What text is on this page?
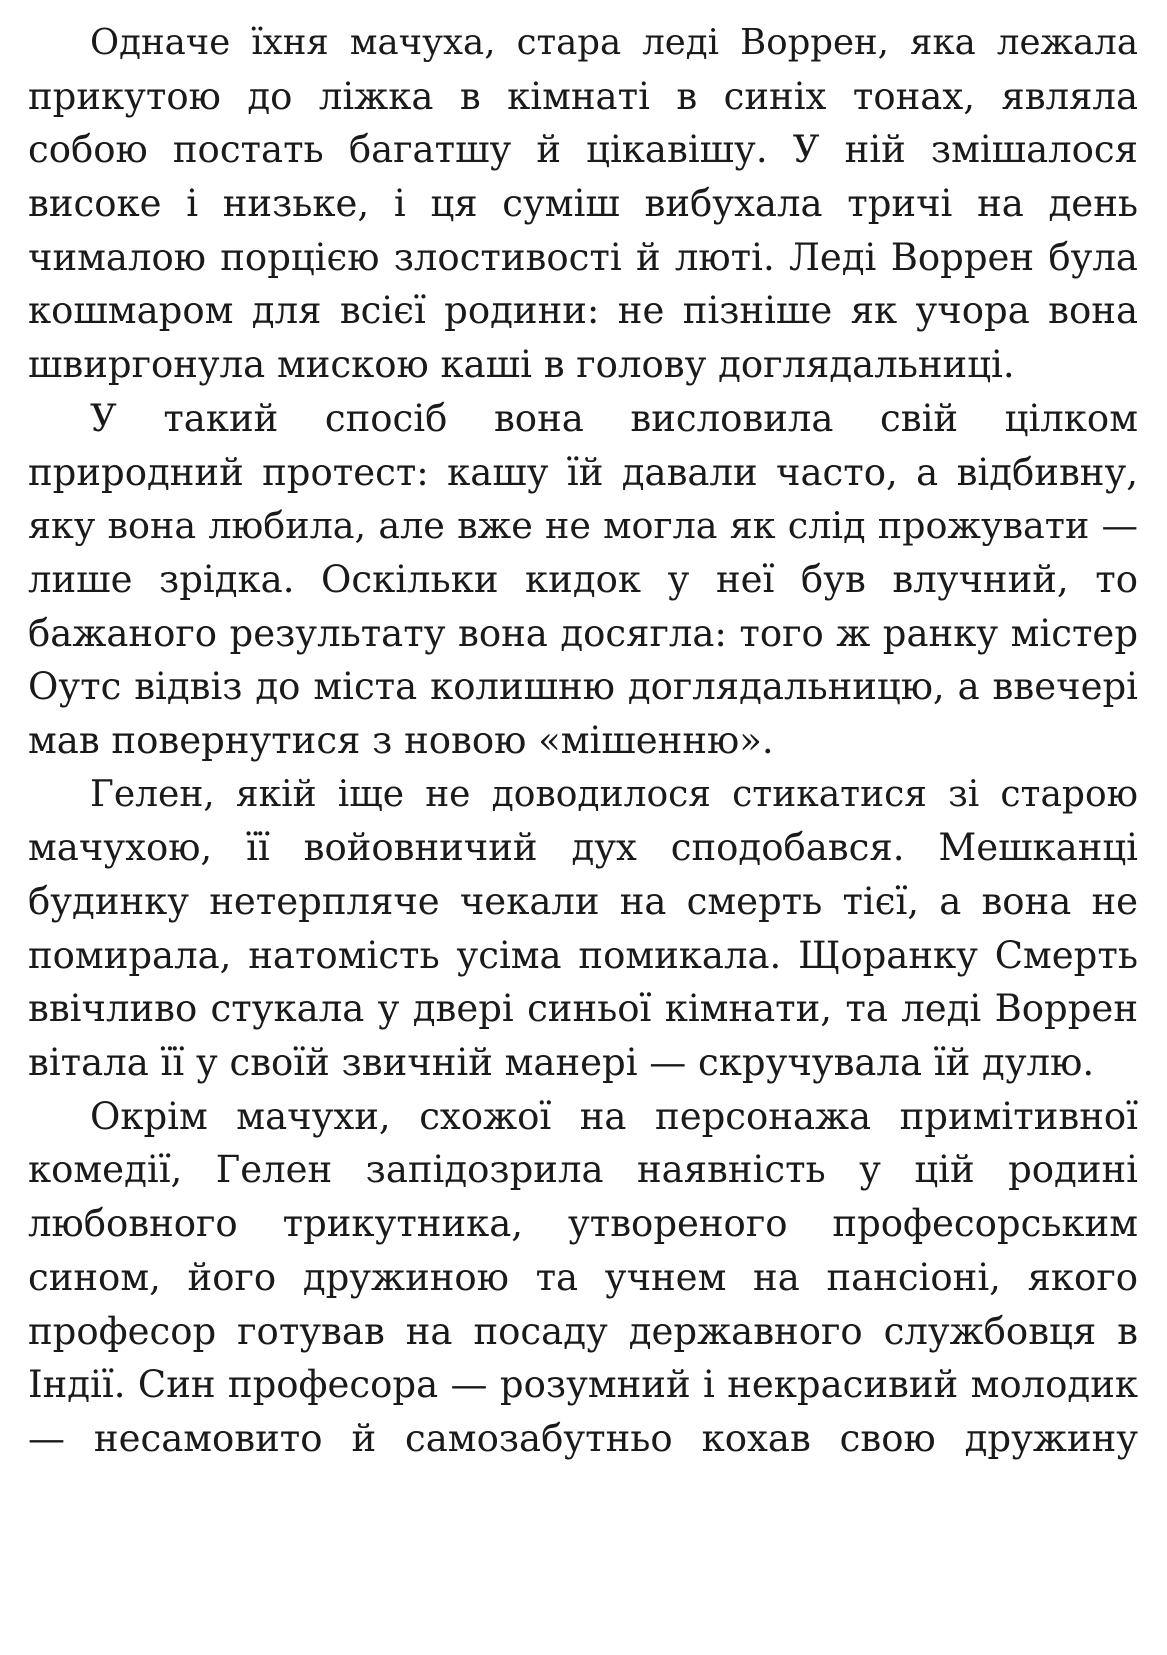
Одначе їхня мачуха, стара леді Воррен, яка лежала
прикутою до ліжка в кімнаті в синіх тонах, являла
собою постать багатшу й цікавішу. У ній змішалося
високе і низьке, і ця суміш вибухала тричі на день
чималою порцією злостивості й люті. Леді Воррен була
кошмаром для всієї родини: не пізніше як учора вона
швиргонула мискою каші в голову доглядальниці.
У такий спосіб вона висловила свій цілком
природний протест: кашу їй давали часто, а відбивну,
яку вона любила, але вже не могла як слід прожувати —
лише зрідка. Оскільки кидок у неї був влучний, то
бажаного результату вона досягла: того ж ранку містер
Оутс відвіз до міста колишню доглядальницю, а ввечері
мав повернутися з новою «мішенню».
Гелен, якій іще не доводилося стикатися зі старою
мачухою, її войовничий дух сподобався. Мешканці
будинку нетерпляче чекали на смерть тієї, а вона не
помирала, натомість усіма помикала. Щоранку Смерть
ввічливо стукала у двері синьої кімнати, та леді Воррен
вітала її у своїй звичній манері — скручувала їй дулю.
Окрім мачухи, схожої на персонажа примітивної
комедії, Гелен запідозрила наявність у цій родині
любовного трикутника, утвореного професорським
сином, його дружиною та учнем на пансіоні, якого
професор готував на посаду державного службовця в
Індії. Син професора — розумний і некрасивий молодик
— несамовито й самозабутньо кохав свою дружину
